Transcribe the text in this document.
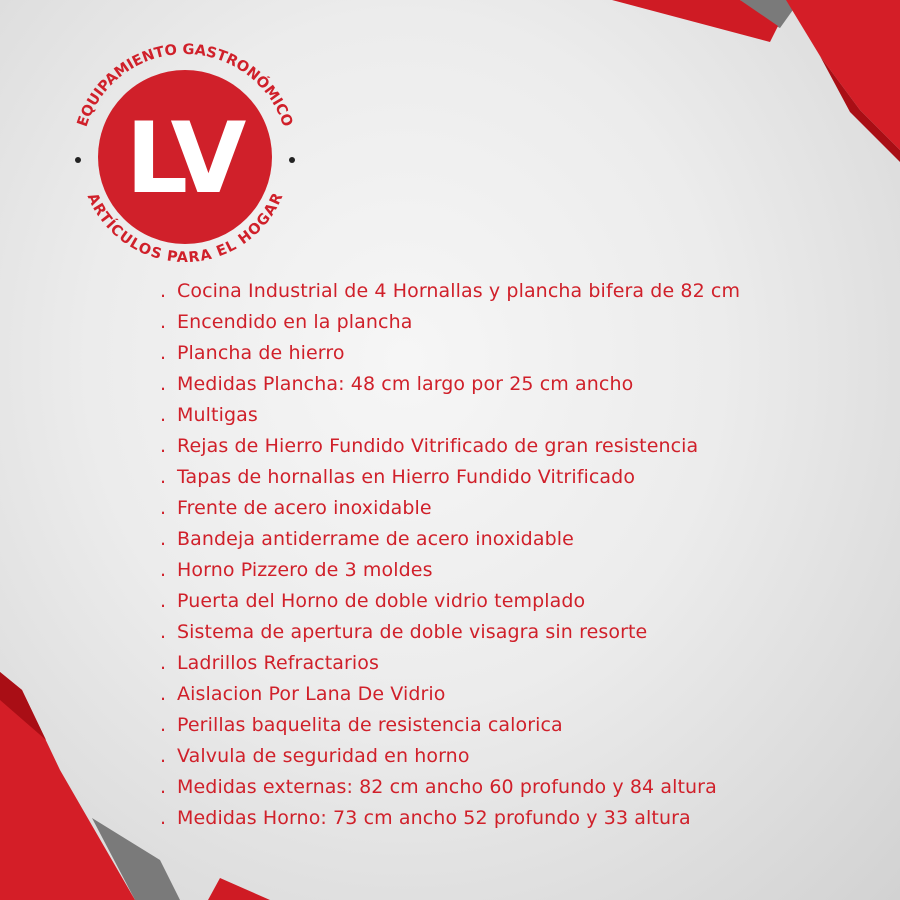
EQUIPAMIENTO GASTRONÓMICO
ARTÍCULOS PARA EL HOGAR
LV
. Cocina Industrial de 4 Hornallas y plancha bifera de 82 cm
. Encendido en la plancha
. Plancha de hierro
. Medidas Plancha: 48 cm largo por 25 cm ancho
. Multigas
. Rejas de Hierro Fundido Vitrificado de gran resistencia
. Tapas de hornallas en Hierro Fundido Vitrificado
. Frente de acero inoxidable
. Bandeja antiderrame de acero inoxidable
. Horno Pizzero de 3 moldes
. Puerta del Horno de doble vidrio templado
. Sistema de apertura de doble visagra sin resorte
. Ladrillos Refractarios
. Aislacion Por Lana De Vidrio
. Perillas baquelita de resistencia calorica
. Valvula de seguridad en horno
. Medidas externas: 82 cm ancho 60 profundo y 84 altura
. Medidas Horno: 73 cm ancho 52 profundo y 33 altura
